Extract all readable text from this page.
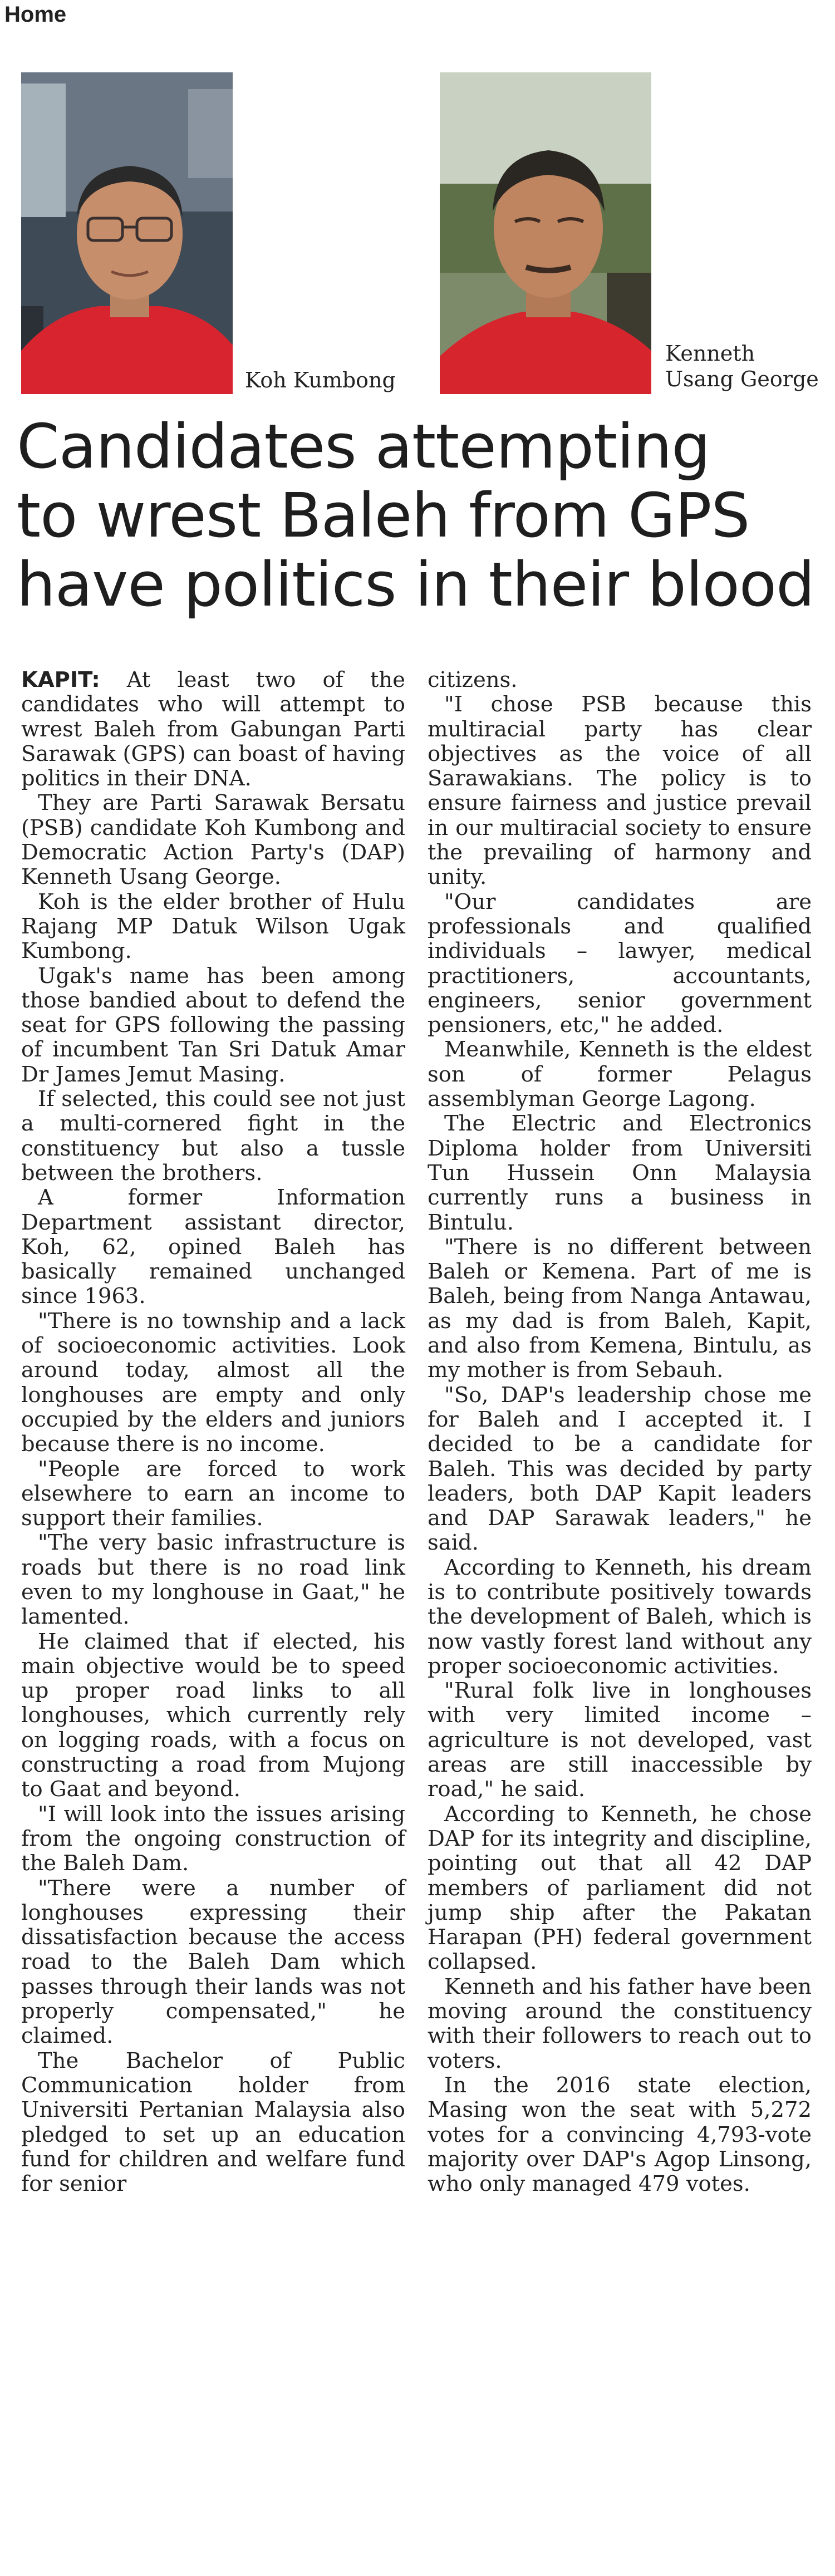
Home
Koh Kumbong
Kenneth
Usang George
Candidates attempting
to wrest Baleh from GPS
have politics in their blood

KAPIT: At least two of the candidates who will attempt to wrest Baleh from Gabungan Parti Sarawak (GPS) can boast of having politics in their DNA.

They are Parti Sarawak Bersatu (PSB) candidate Koh Kumbong and Democratic Action Party's (DAP) Kenneth Usang George.

Koh is the elder brother of Hulu Rajang MP Datuk Wilson Ugak Kumbong.

Ugak's name has been among those bandied about to defend the seat for GPS following the passing of incumbent Tan Sri Datuk Amar Dr James Jemut Masing.

If selected, this could see not just a multi-cornered fight in the constituency but also a tussle between the brothers.

A former Information Department assistant director, Koh, 62, opined Baleh has basically remained unchanged since 1963.

"There is no township and a lack of socioeconomic activities. Look around today, almost all the longhouses are empty and only occupied by the elders and juniors because there is no income.

"People are forced to work elsewhere to earn an income to support their families.

"The very basic infrastructure is roads but there is no road link even to my longhouse in Gaat," he lamented.

He claimed that if elected, his main objective would be to speed up proper road links to all longhouses, which currently rely on logging roads, with a focus on constructing a road from Mujong to Gaat and beyond.

"I will look into the issues arising from the ongoing construction of the Baleh Dam.

"There were a number of longhouses expressing their dissatisfaction because the access road to the Baleh Dam which passes through their lands was not properly compensated," he claimed.

The Bachelor of Public Communication holder from Universiti Pertanian Malaysia also pledged to set up an education fund for children and welfare fund for senior

citizens.

"I chose PSB because this multiracial party has clear objectives as the voice of all Sarawakians. The policy is to ensure fairness and justice prevail in our multiracial society to ensure the prevailing of harmony and unity.

"Our candidates are professionals and qualified individuals – lawyer, medical practitioners, accountants, engineers, senior government pensioners, etc," he added.

Meanwhile, Kenneth is the eldest son of former Pelagus assemblyman George Lagong.

The Electric and Electronics Diploma holder from Universiti Tun Hussein Onn Malaysia currently runs a business in Bintulu.

"There is no different between Baleh or Kemena. Part of me is Baleh, being from Nanga Antawau, as my dad is from Baleh, Kapit, and also from Kemena, Bintulu, as my mother is from Sebauh.

"So, DAP's leadership chose me for Baleh and I accepted it. I decided to be a candidate for Baleh. This was decided by party leaders, both DAP Kapit leaders and DAP Sarawak leaders," he said.

According to Kenneth, his dream is to contribute positively towards the development of Baleh, which is now vastly forest land without any proper socioeconomic activities.

"Rural folk live in longhouses with very limited income – agriculture is not developed, vast areas are still inaccessible by road," he said.

According to Kenneth, he chose DAP for its integrity and discipline, pointing out that all 42 DAP members of parliament did not jump ship after the Pakatan Harapan (PH) federal government collapsed.

Kenneth and his father have been moving around the constituency with their followers to reach out to voters.

In the 2016 state election, Masing won the seat with 5,272 votes for a convincing 4,793-vote majority over DAP's Agop Linsong, who only managed 479 votes.
